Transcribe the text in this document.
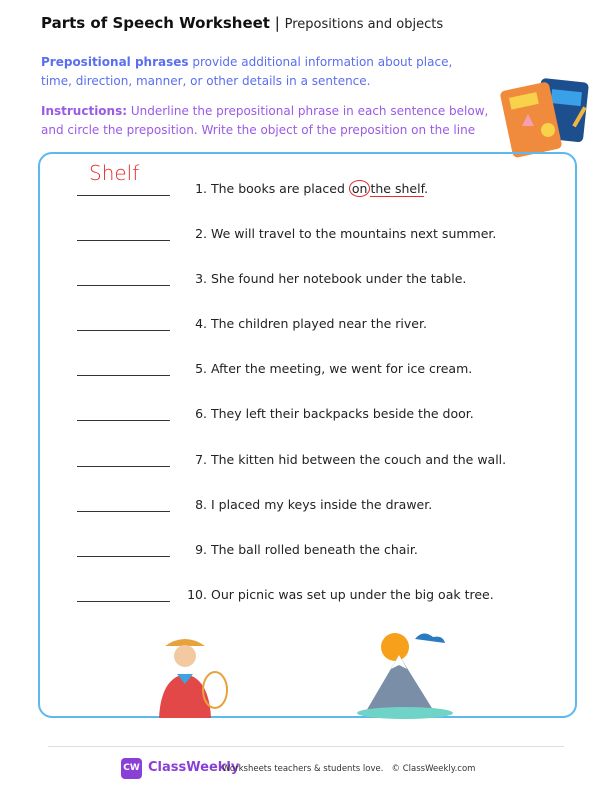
Parts of Speech Worksheet | Prepositions and objects
Prepositional phrases provide additional information about place, time, direction, manner, or other details in a sentence.
Instructions: Underline the prepositional phrase in each sentence below, and circle the preposition. Write the object of the preposition on the line
Shelf
1. The books are placed on the shelf.
2. We will travel to the mountains next summer.
3. She found her notebook under the table.
4. The children played near the river.
5. After the meeting, we went for ice cream.
6. They left their backpacks beside the door.
7. The kitten hid between the couch and the wall.
8. I placed my keys inside the drawer.
9. The ball rolled beneath the chair.
10. Our picnic was set up under the big oak tree.
CW ClassWeekly
Worksheets teachers & students love. © ClassWeekly.com
